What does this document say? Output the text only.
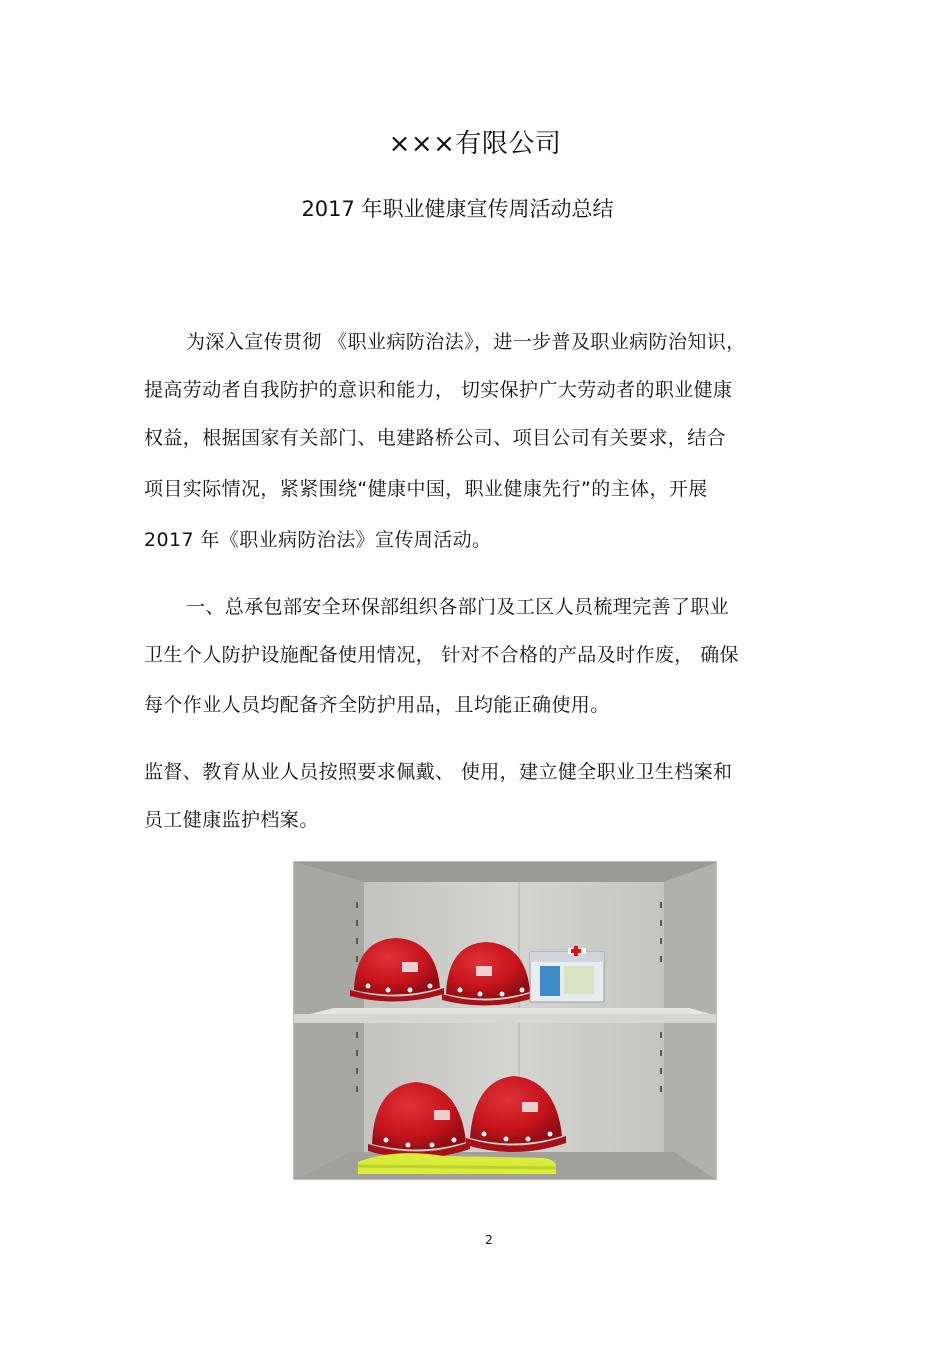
×××有限公司
2017 年职业健康宣传周活动总结
为深入宣传贯彻 《职业病防治法》，进一步普及职业病防治知识，
提高劳动者自我防护的意识和能力， 切实保护广大劳动者的职业健康
权益，根据国家有关部门、电建路桥公司、项目公司有关要求，结合
项目实际情况，紧紧围绕“健康中国，职业健康先行”的主体，开展
2017 年《职业病防治法》宣传周活动。
一、总承包部安全环保部组织各部门及工区人员梳理完善了职业
卫生个人防护设施配备使用情况， 针对不合格的产品及时作废， 确保
每个作业人员均配备齐全防护用品，且均能正确使用。
监督、教育从业人员按照要求佩戴、 使用，建立健全职业卫生档案和
员工健康监护档案。
2
